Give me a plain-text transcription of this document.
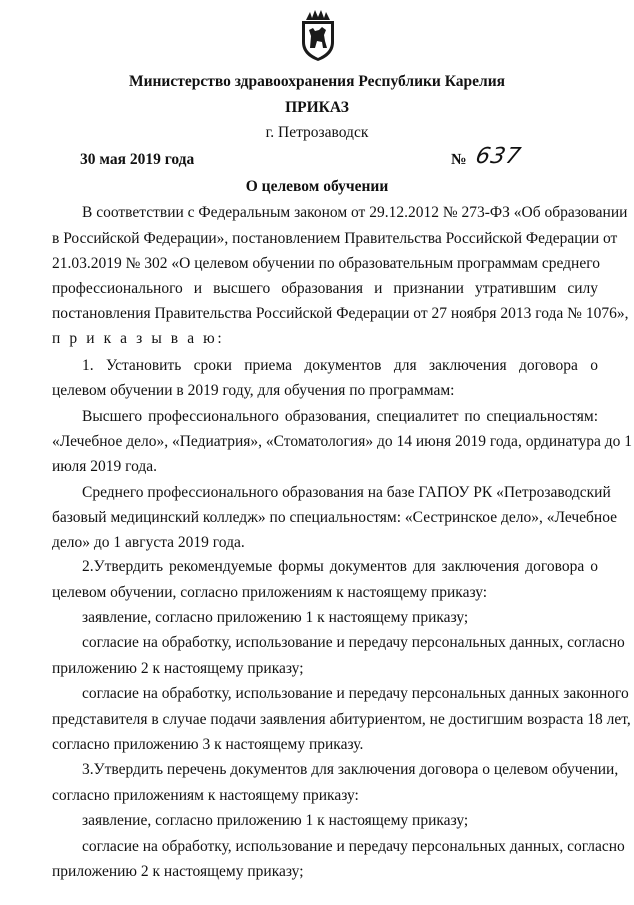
Министерство здравоохранения Республики Карелия
ПРИКАЗ
г. Петрозаводск
30 мая 2019 года	№ 637
О целевом обучении
В соответствии с Федеральным законом от 29.12.2012 № 273-ФЗ «Об образовании
в Российской Федерации», постановлением Правительства Российской Федерации от
21.03.2019 № 302 «О целевом обучении по образовательным программам среднего
профессионального и высшего образования и признании утратившим силу
постановления Правительства Российской Федерации от 27 ноября 2013 года № 1076»,
п р и к а з ы в а ю:
1. Установить сроки приема документов для заключения договора о
целевом обучении в 2019 году, для обучения по программам:
Высшего профессионального образования, специалитет по специальностям:
«Лечебное дело», «Педиатрия», «Стоматология» до 14 июня 2019 года, ординатура до 1
июля 2019 года.
Среднего профессионального образования на базе ГАПОУ РК «Петрозаводский
базовый медицинский колледж» по специальностям: «Сестринское дело», «Лечебное
дело» до 1 августа 2019 года.
2.Утвердить рекомендуемые формы документов для заключения договора о
целевом обучении, согласно приложениям к настоящему приказу:
заявление, согласно приложению 1 к настоящему приказу;
согласие на обработку, использование и передачу персональных данных, согласно
приложению 2 к настоящему приказу;
согласие на обработку, использование и передачу персональных данных законного
представителя в случае подачи заявления абитуриентом, не достигшим возраста 18 лет,
согласно приложению 3 к настоящему приказу.
3.Утвердить перечень документов для заключения договора о целевом обучении,
согласно приложениям к настоящему приказу:
заявление, согласно приложению 1 к настоящему приказу;
согласие на обработку, использование и передачу персональных данных, согласно
приложению 2 к настоящему приказу;
